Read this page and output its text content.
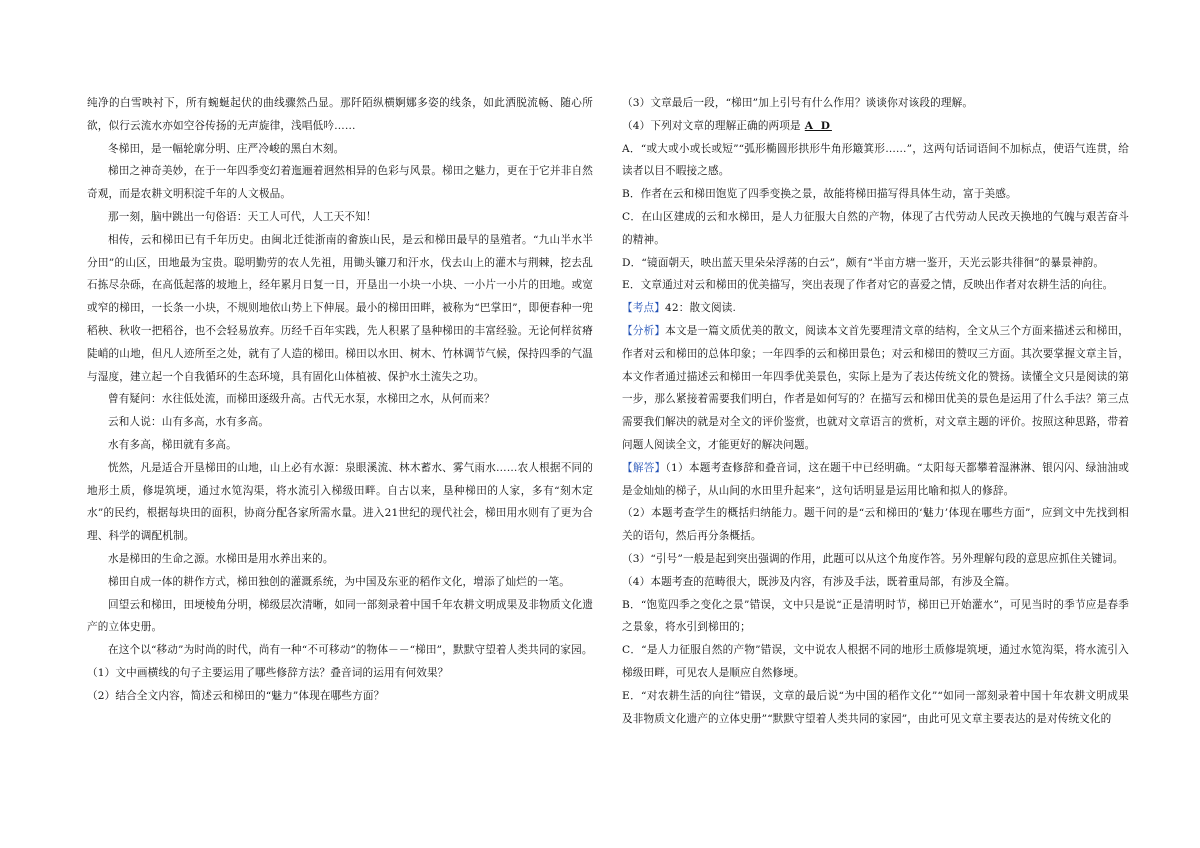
纯净的白雪映衬下，所有蜿蜒起伏的曲线骤然凸显。那阡陌纵横婀娜多姿的线条，如此洒脱流畅、随心所欲，似行云流水亦如空谷传扬的无声旋律，浅唱低吟……

冬梯田，是一幅轮廓分明、庄严冷峻的黑白木刻。

梯田之神奇美妙，在于一年四季变幻着迤逦着迥然相异的色彩与风景。梯田之魅力，更在于它并非自然奇观，而是农耕文明积淀千年的人文极品。

那一刻，脑中跳出一句俗语：天工人可代，人工天不知！

相传，云和梯田已有千年历史。由闽北迁徙浙南的畲族山民，是云和梯田最早的垦殖者。“九山半水半分田”的山区，田地最为宝贵。聪明勤劳的农人先祖，用锄头镰刀和汗水，伐去山上的灌木与荆棘，挖去乱石拣尽杂砾，在高低起落的坡地上，经年累月日复一日，开垦出一小块一小块、一小片一小片的田地。或宽或窄的梯田，一长条一小块，不规则地依山势上下伸展。最小的梯田田畔，被称为“巴掌田”，即便春种一兜稻秧、秋收一把稻谷，也不会轻易放弃。历经千百年实践，先人积累了垦种梯田的丰富经验。无论何样贫瘠陡峭的山地，但凡人迹所至之处，就有了人造的梯田。梯田以水田、树木、竹林调节气候，保持四季的气温与湿度，建立起一个自我循环的生态环境，具有固化山体植被、保护水土流失之功。

曾有疑问：水往低处流，而梯田逐级升高。古代无水泵，水梯田之水，从何而来？

云和人说：山有多高，水有多高。

水有多高，梯田就有多高。

恍然，凡是适合开垦梯田的山地，山上必有水源：泉眼溪流、林木蓄水、雾气雨水……农人根据不同的地形土质，修堤筑埂，通过水笕沟渠，将水流引入梯级田畔。自古以来，垦种梯田的人家，多有“刻木定水”的民约，根据每块田的面积，协商分配各家所需水量。进入21世纪的现代社会，梯田用水则有了更为合理、科学的调配机制。

水是梯田的生命之源。水梯田是用水养出来的。

梯田自成一体的耕作方式，梯田独创的灌溉系统，为中国及东亚的稻作文化，增添了灿烂的一笔。

回望云和梯田，田埂棱角分明，梯级层次清晰，如同一部刻录着中国千年农耕文明成果及非物质文化遗产的立体史册。

在这个以“移动”为时尚的时代，尚有一种“不可移动”的物体－－“梯田”，默默守望着人类共同的家园。

（1）文中画横线的句子主要运用了哪些修辞方法？叠音词的运用有何效果？

（2）结合全文内容，简述云和梯田的“魅力”体现在哪些方面？

（3）文章最后一段，“梯田”加上引号有什么作用？谈谈你对该段的理解。

（4）下列对文章的理解正确的两项是 A D

A．“或大或小或长或短”“弧形椭圆形拱形牛角形簸箕形……”，这两句话词语间不加标点，使语气连贯，给读者以目不暇接之感。

B．作者在云和梯田饱览了四季变换之景，故能将梯田描写得具体生动，富于美感。

C．在山区建成的云和水梯田，是人力征服大自然的产物，体现了古代劳动人民改天换地的气魄与艰苦奋斗的精神。

D．“镜面朝天，映出蓝天里朵朵浮荡的白云”，颇有“半亩方塘一鉴开，天光云影共徘徊”的暴景神韵。

E．文章通过对云和梯田的优美描写，突出表现了作者对它的喜爱之情，反映出作者对农耕生活的向往。

【考点】42：散文阅读.

【分析】本文是一篇文质优美的散文，阅读本文首先要理清文章的结构，全文从三个方面来描述云和梯田，作者对云和梯田的总体印象；一年四季的云和梯田景色；对云和梯田的赞叹三方面。其次要掌握文章主旨，本文作者通过描述云和梯田一年四季优美景色，实际上是为了表达传统文化的赞扬。读懂全文只是阅读的第一步，那么紧接着需要我们明白，作者是如何写的？在描写云和梯田优美的景色是运用了什么手法？第三点需要我们解决的就是对全文的评价鉴赏，也就对文章语言的赏析，对文章主题的评价。按照这种思路，带着问题人阅读全文，才能更好的解决问题。

【解答】（1）本题考查修辞和叠音词，这在题干中已经明确。“太阳每天都攀着湿淋淋、银闪闪、绿油油或是金灿灿的梯子，从山间的水田里升起来”，这句话明显是运用比喻和拟人的修辞。

（2）本题考查学生的概括归纳能力。题干问的是“云和梯田的‘魅力’体现在哪些方面”，应到文中先找到相关的语句，然后再分条概括。

（3）“引号”一般是起到突出强调的作用，此题可以从这个角度作答。另外理解句段的意思应抓住关键词。

（4）本题考查的范畴很大，既涉及内容，有涉及手法，既着重局部，有涉及全篇。

B．“饱览四季之变化之景”错误，文中只是说“正是清明时节，梯田已开始灌水”，可见当时的季节应是春季之景象，将水引到梯田的；

C．“是人力征服自然的产物”错误，文中说农人根据不同的地形土质修堤筑埂，通过水笕沟渠，将水流引入梯级田畔，可见农人是顺应自然修埂。

E．“对农耕生活的向往”错误，文章的最后说“为中国的稻作文化”“如同一部刻录着中国十年农耕文明成果及非物质文化遗产的立体史册”“默默守望着人类共同的家园”，由此可见文章主要表达的是对传统文化的
